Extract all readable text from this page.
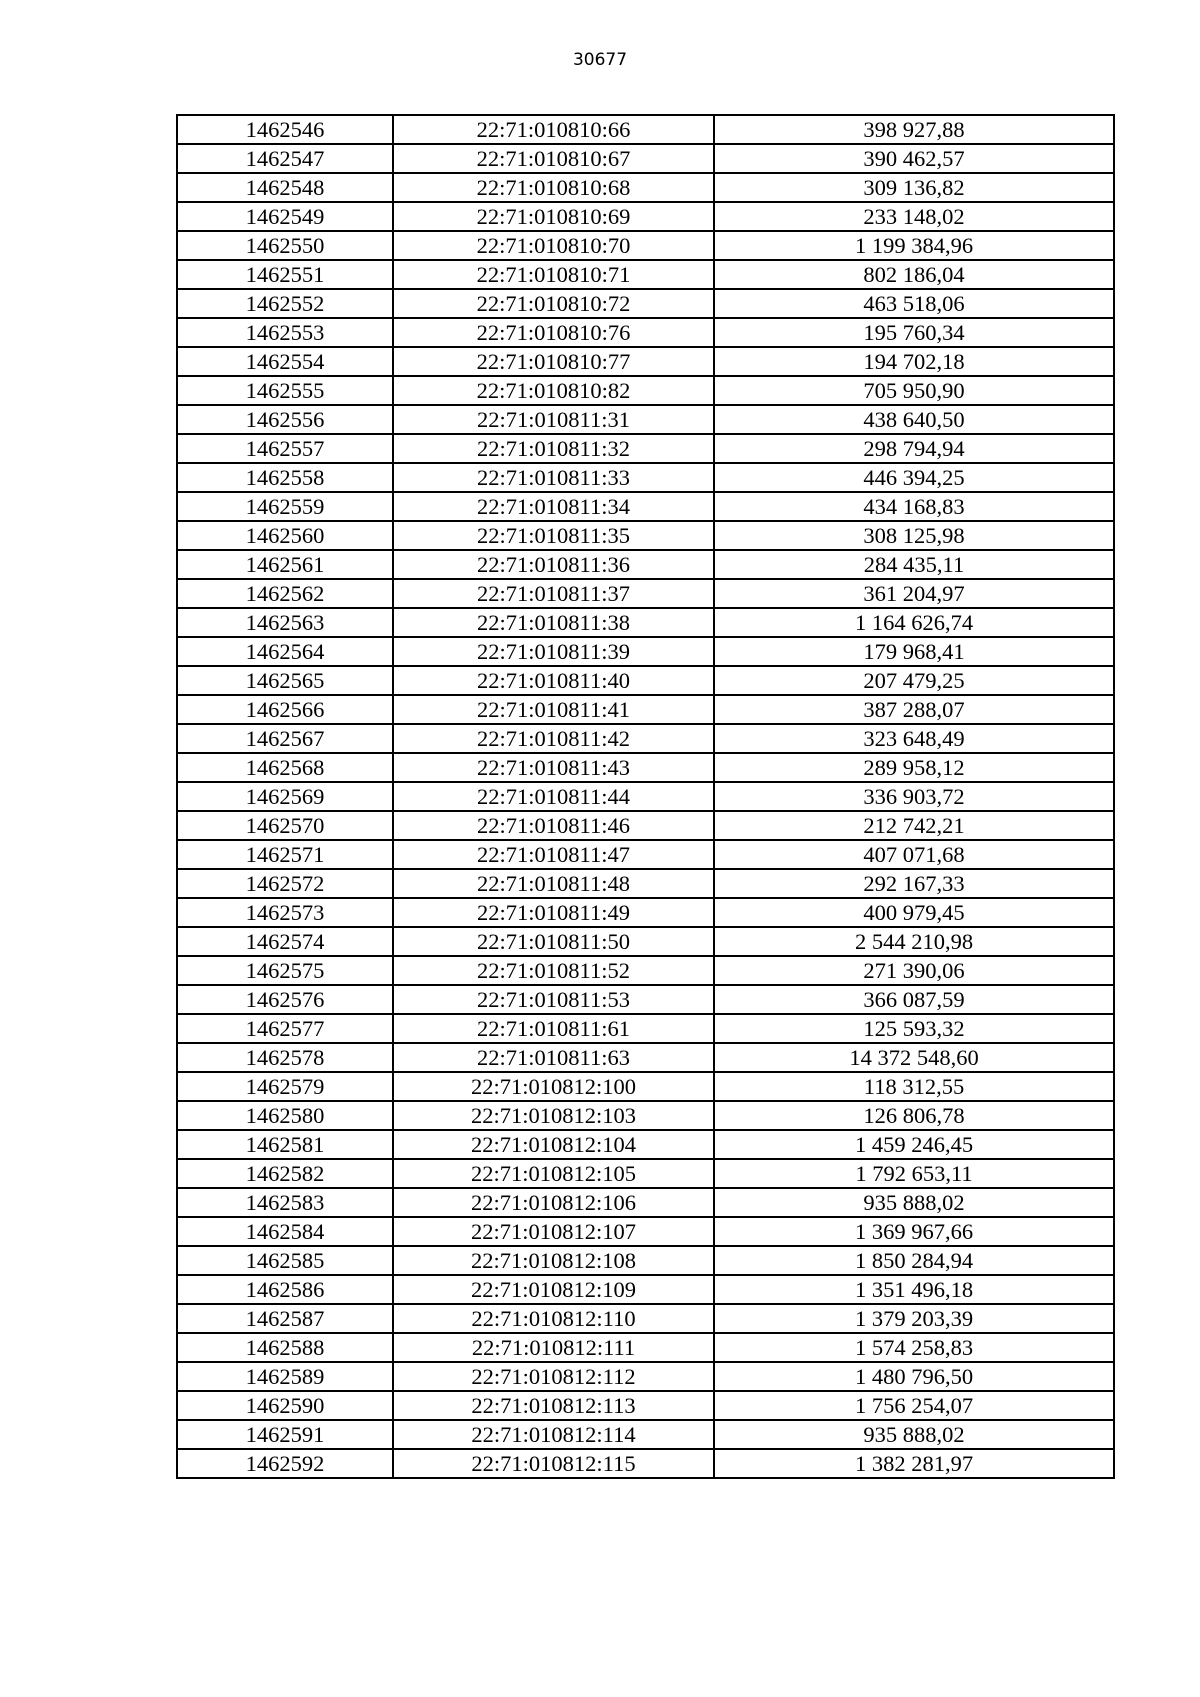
30677
1462546	22:71:010810:66	398 927,88
1462547	22:71:010810:67	390 462,57
1462548	22:71:010810:68	309 136,82
1462549	22:71:010810:69	233 148,02
1462550	22:71:010810:70	1 199 384,96
1462551	22:71:010810:71	802 186,04
1462552	22:71:010810:72	463 518,06
1462553	22:71:010810:76	195 760,34
1462554	22:71:010810:77	194 702,18
1462555	22:71:010810:82	705 950,90
1462556	22:71:010811:31	438 640,50
1462557	22:71:010811:32	298 794,94
1462558	22:71:010811:33	446 394,25
1462559	22:71:010811:34	434 168,83
1462560	22:71:010811:35	308 125,98
1462561	22:71:010811:36	284 435,11
1462562	22:71:010811:37	361 204,97
1462563	22:71:010811:38	1 164 626,74
1462564	22:71:010811:39	179 968,41
1462565	22:71:010811:40	207 479,25
1462566	22:71:010811:41	387 288,07
1462567	22:71:010811:42	323 648,49
1462568	22:71:010811:43	289 958,12
1462569	22:71:010811:44	336 903,72
1462570	22:71:010811:46	212 742,21
1462571	22:71:010811:47	407 071,68
1462572	22:71:010811:48	292 167,33
1462573	22:71:010811:49	400 979,45
1462574	22:71:010811:50	2 544 210,98
1462575	22:71:010811:52	271 390,06
1462576	22:71:010811:53	366 087,59
1462577	22:71:010811:61	125 593,32
1462578	22:71:010811:63	14 372 548,60
1462579	22:71:010812:100	118 312,55
1462580	22:71:010812:103	126 806,78
1462581	22:71:010812:104	1 459 246,45
1462582	22:71:010812:105	1 792 653,11
1462583	22:71:010812:106	935 888,02
1462584	22:71:010812:107	1 369 967,66
1462585	22:71:010812:108	1 850 284,94
1462586	22:71:010812:109	1 351 496,18
1462587	22:71:010812:110	1 379 203,39
1462588	22:71:010812:111	1 574 258,83
1462589	22:71:010812:112	1 480 796,50
1462590	22:71:010812:113	1 756 254,07
1462591	22:71:010812:114	935 888,02
1462592	22:71:010812:115	1 382 281,97
